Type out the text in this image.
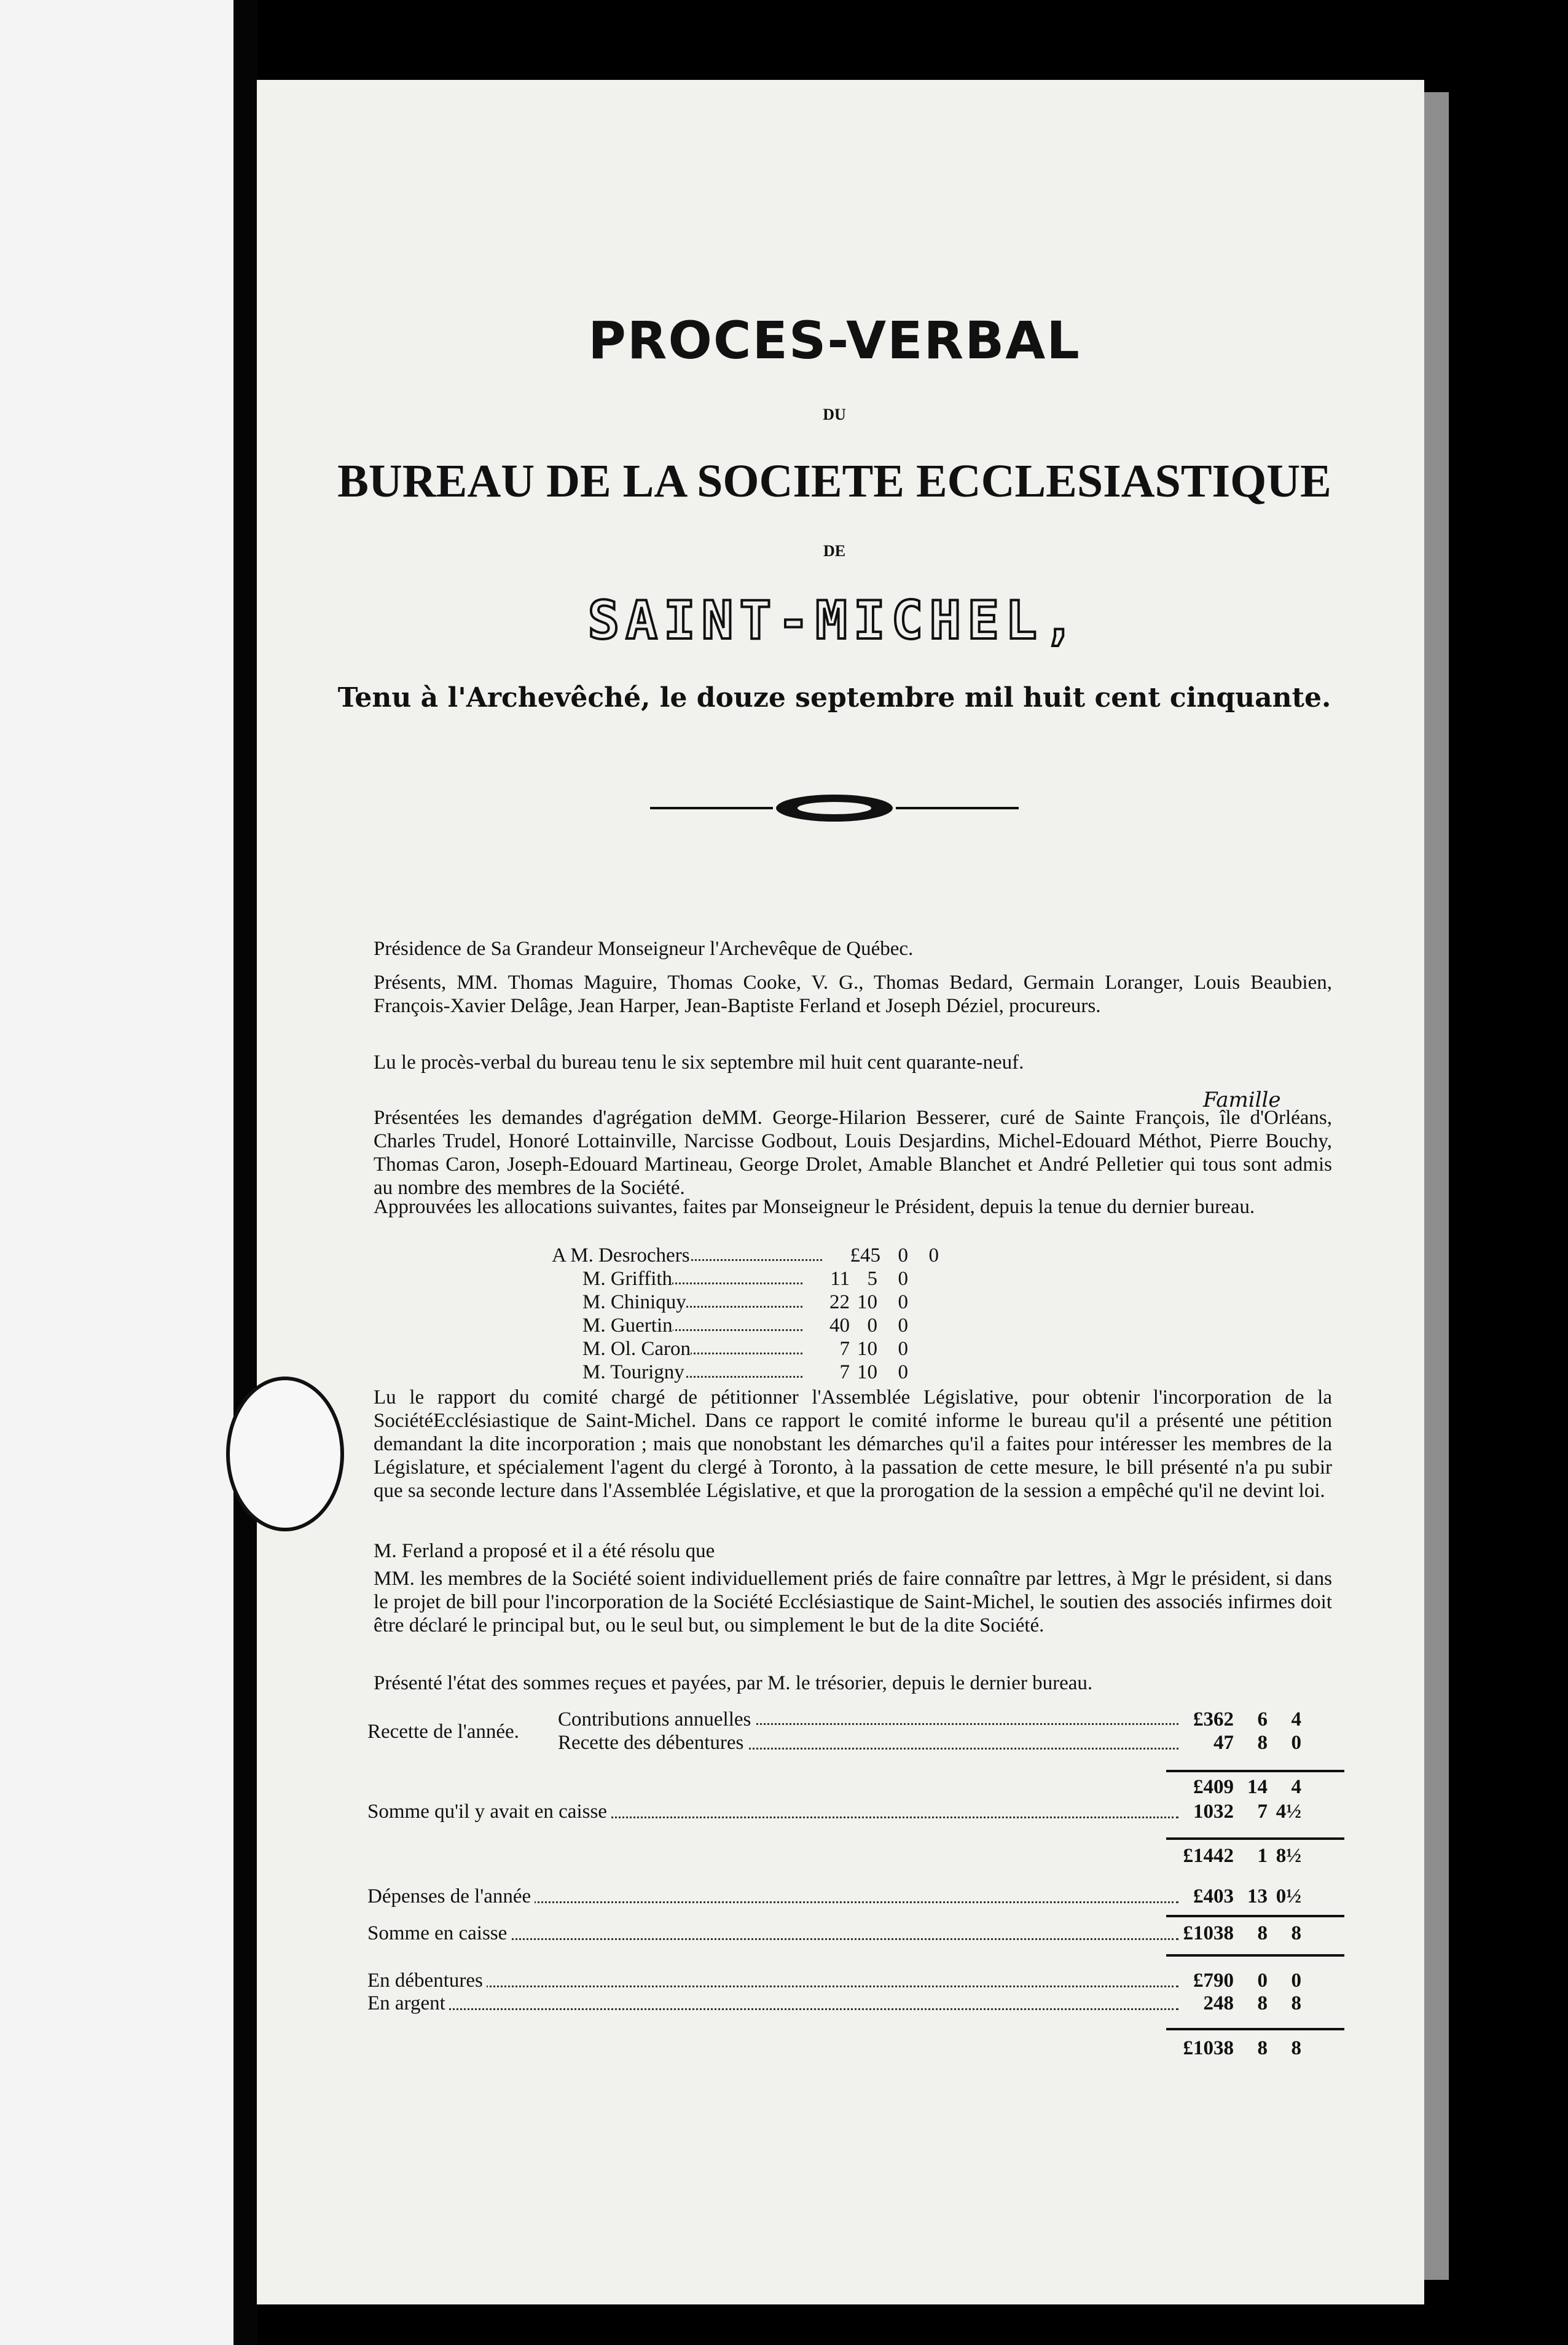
PROCES-VERBAL
DU
BUREAU DE LA SOCIETE ECCLESIASTIQUE
DE
SAINT-MICHEL,
Tenu à l'Archevêché, le douze septembre mil huit cent cinquante.
Famille
Présidence de Sa Grandeur Monseigneur l'Archevêque de Québec.
Présents, MM. Thomas Maguire, Thomas Cooke, V. G., Thomas Bedard, Germain Loranger, Louis Beaubien, François-Xavier Delâge, Jean Harper, Jean-Baptiste Ferland et Joseph Déziel, procureurs.
Lu le procès-verbal du bureau tenu le six septembre mil huit cent quarante-neuf.
Présentées les demandes d'agrégation deMM. George-Hilarion Besserer, curé de Sainte François, île d'Orléans, Charles Trudel, Honoré Lottainville, Narcisse Godbout, Louis Desjardins, Michel-Edouard Méthot, Pierre Bouchy, Thomas Caron, Joseph-Edouard Martineau, George Drolet, Amable Blanchet et André Pelletier qui tous sont admis au nombre des membres de la Société.
Approuvées les allocations suivantes, faites par Monseigneur le Président, depuis la tenue du dernier bureau.
A M. Desrochers	£45 0	0
M. Griffith	11 5	0
M. Chiniquy	22 10	0
M. Guertin	40 0	0
M. Ol. Caron	7 10	0
M. Tourigny	7 10	0
Lu le rapport du comité chargé de pétitionner l'Assemblée Législative, pour obtenir l'incorporation de la SociétéEcclésiastique de Saint-Michel. Dans ce rapport le comité informe le bureau qu'il a présenté une pétition demandant la dite incorporation ; mais que nonobstant les démarches qu'il a faites pour intéresser les membres de la Législature, et spécialement l'agent du clergé à Toronto, à la passation de cette mesure, le bill présenté n'a pu subir que sa seconde lecture dans l'Assemblée Législative, et que la prorogation de la session a empêché qu'il ne devint loi.
M. Ferland a proposé et il a été résolu que
MM. les membres de la Société soient individuellement priés de faire connaître par lettres, à Mgr le président, si dans le projet de bill pour l'incorporation de la Société Ecclésiastique de Saint-Michel, le soutien des associés infirmes doit être déclaré le principal but, ou le seul but, ou simplement le but de la dite Société.
Présenté l'état des sommes reçues et payées, par M. le trésorier, depuis le dernier bureau.
Recette de l'année.
Contributions annuelles	£362	6	4
Recette des débentures	47	8	0
£409 14	4
Somme qu'il y avait en caisse	1032	7 4½
£1442	1 8½
Dépenses de l'année	£403 13 0½
Somme en caisse	£1038	8	8
En débentures	£790	0	0
En argent	248	8	8
£1038	8	8
